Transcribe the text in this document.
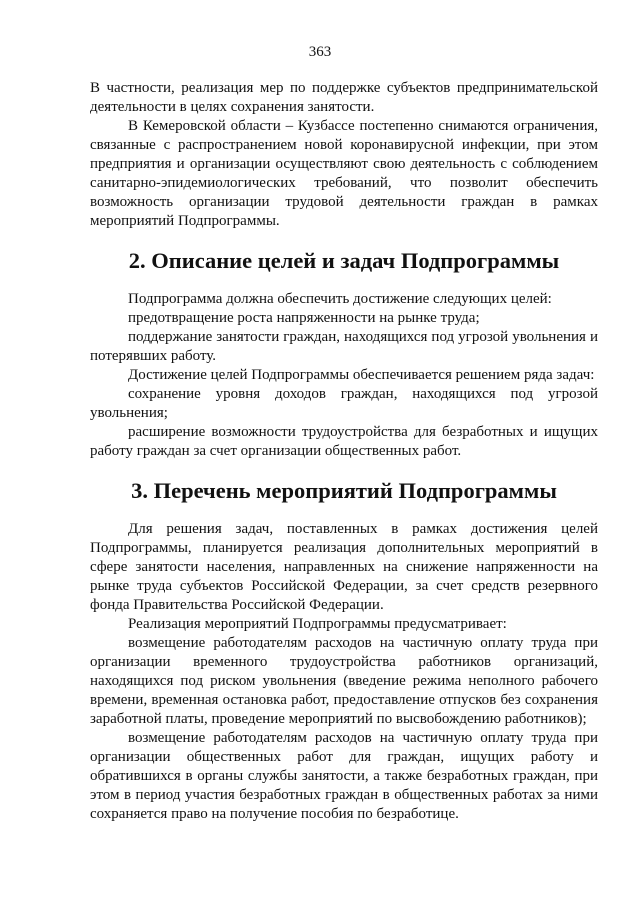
363

В частности, реализация мер по поддержке субъектов предпринимательской деятельности в целях сохранения занятости.

В Кемеровской области – Кузбассе постепенно снимаются ограничения, связанные с распространением новой коронавирусной инфекции, при этом предприятия и организации осуществляют свою деятельность с соблюдением санитарно-эпидемиологических требований, что позволит обеспечить возможность организации трудовой деятельности граждан в рамках мероприятий Подпрограммы.

2. Описание целей и задач Подпрограммы

Подпрограмма должна обеспечить достижение следующих целей:

предотвращение роста напряженности на рынке труда;

поддержание занятости граждан, находящихся под угрозой увольнения и потерявших работу.

Достижение целей Подпрограммы обеспечивается решением ряда задач:

сохранение уровня доходов граждан, находящихся под угрозой увольнения;

расширение возможности трудоустройства для безработных и ищущих работу граждан за счет организации общественных работ.

3. Перечень мероприятий Подпрограммы

Для решения задач, поставленных в рамках достижения целей Подпрограммы, планируется реализация дополнительных мероприятий в сфере занятости населения, направленных на снижение напряженности на рынке труда субъектов Российской Федерации, за счет средств резервного фонда Правительства Российской Федерации.

Реализация мероприятий Подпрограммы предусматривает:

возмещение работодателям расходов на частичную оплату труда при организации временного трудоустройства работников организаций, находящихся под риском увольнения (введение режима неполного рабочего времени, временная остановка работ, предоставление отпусков без сохранения заработной платы, проведение мероприятий по высвобождению работников);

возмещение работодателям расходов на частичную оплату труда при организации общественных работ для граждан, ищущих работу и обратившихся в органы службы занятости, а также безработных граждан, при этом в период участия безработных граждан в общественных работах за ними сохраняется право на получение пособия по безработице.
